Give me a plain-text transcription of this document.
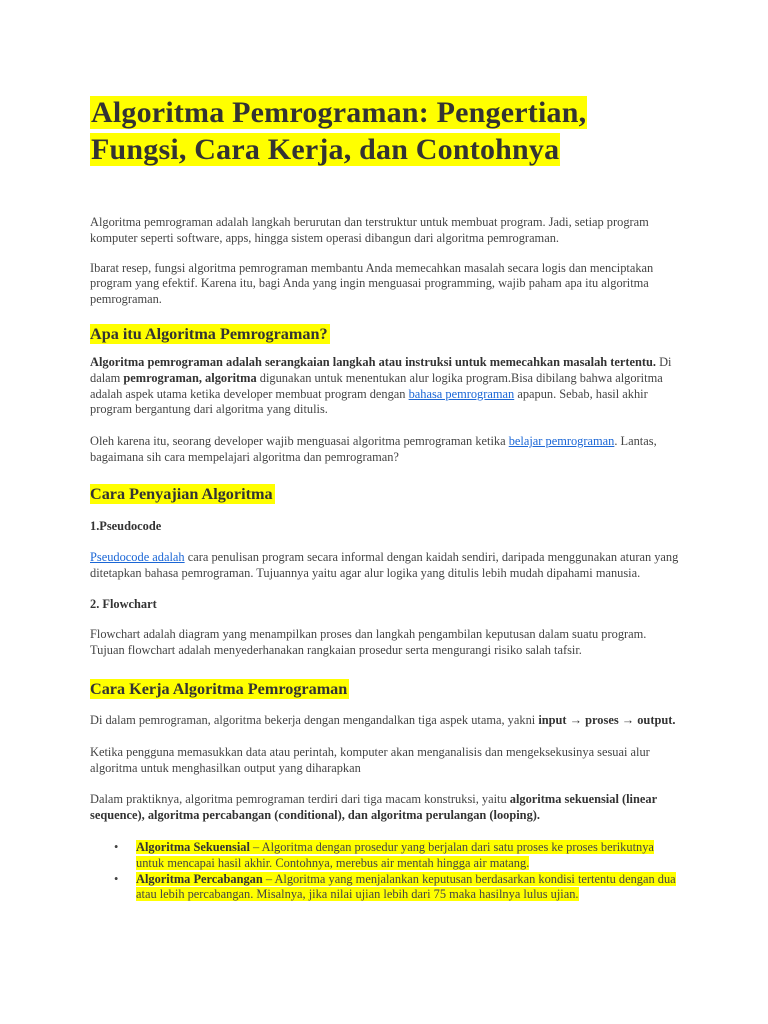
Algoritma Pemrograman: Pengertian,
Fungsi, Cara Kerja, dan Contohnya

Algoritma pemrograman adalah langkah berurutan dan terstruktur untuk membuat program. Jadi, setiap program komputer seperti software, apps, hingga sistem operasi dibangun dari algoritma pemrograman.

Ibarat resep, fungsi algoritma pemrograman membantu Anda memecahkan masalah secara logis dan menciptakan program yang efektif. Karena itu, bagi Anda yang ingin menguasai programming, wajib paham apa itu algoritma pemrograman.

Apa itu Algoritma Pemrograman?

Algoritma pemrograman adalah serangkaian langkah atau instruksi untuk memecahkan masalah tertentu. Di dalam pemrograman, algoritma digunakan untuk menentukan alur logika program.Bisa dibilang bahwa algoritma adalah aspek utama ketika developer membuat program dengan bahasa pemrograman apapun. Sebab, hasil akhir program bergantung dari algoritma yang ditulis.

Oleh karena itu, seorang developer wajib menguasai algoritma pemrograman ketika belajar pemrograman. Lantas, bagaimana sih cara mempelajari algoritma dan pemrograman?

Cara Penyajian Algoritma
1.Pseudocode

Pseudocode adalah cara penulisan program secara informal dengan kaidah sendiri, daripada menggunakan aturan yang ditetapkan bahasa pemrograman. Tujuannya yaitu agar alur logika yang ditulis lebih mudah dipahami manusia.

2. Flowchart

Flowchart adalah diagram yang menampilkan proses dan langkah pengambilan keputusan dalam suatu program. Tujuan flowchart adalah menyederhanakan rangkaian prosedur serta mengurangi risiko salah tafsir.

Cara Kerja Algoritma Pemrograman

Di dalam pemrograman, algoritma bekerja dengan mengandalkan tiga aspek utama, yakni input → proses → output.

Ketika pengguna memasukkan data atau perintah, komputer akan menganalisis dan mengeksekusinya sesuai alur algoritma untuk menghasilkan output yang diharapkan

Dalam praktiknya, algoritma pemrograman terdiri dari tiga macam konstruksi, yaitu algoritma sekuensial (linear sequence), algoritma percabangan (conditional), dan algoritma perulangan (looping).

• Algoritma Sekuensial – Algoritma dengan prosedur yang berjalan dari satu proses ke proses berikutnya untuk mencapai hasil akhir. Contohnya, merebus air mentah hingga air matang.
• Algoritma Percabangan – Algoritma yang menjalankan keputusan berdasarkan kondisi tertentu dengan dua atau lebih percabangan. Misalnya, jika nilai ujian lebih dari 75 maka hasilnya lulus ujian.
